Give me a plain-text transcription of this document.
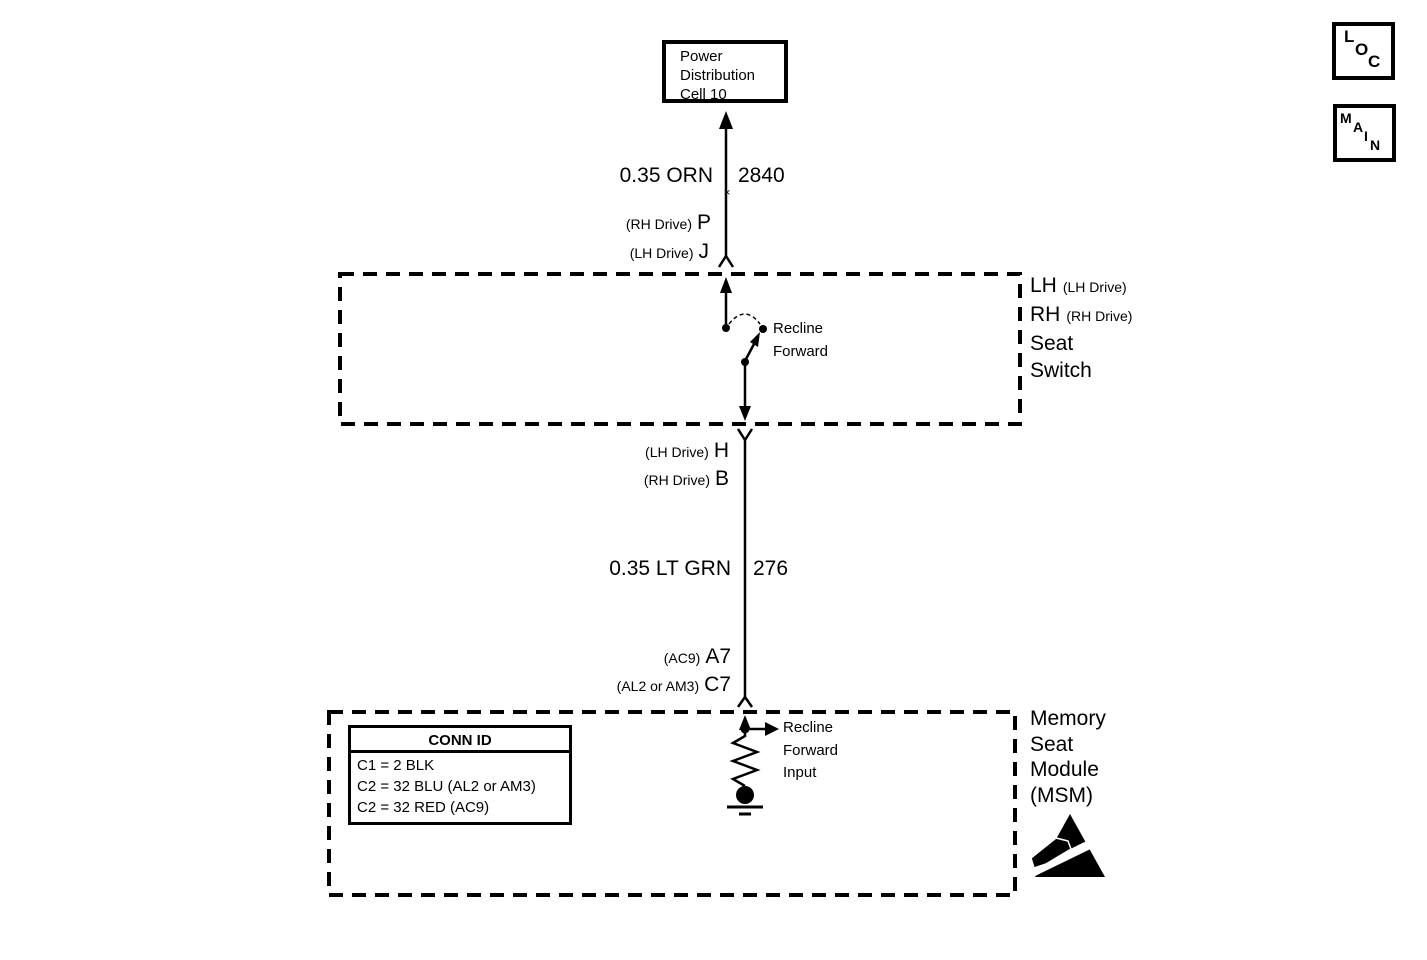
Power
Distribution
Cell 10
L
O
C
M
A
I
N
0.35 ORN 2840
×
(RH Drive) P
(LH Drive) J
Recline
Forward
LH (LH Drive)
RH (RH Drive)
Seat
Switch
(LH Drive) H
(RH Drive) B
0.35 LT GRN 276
(AC9) A7
(AL2 or AM3) C7
CONN ID
C1 = 2 BLK
C2 = 32 BLU (AL2 or AM3)
C2 = 32 RED (AC9)
Recline
Forward
Input
Memory
Seat
Module
(MSM)
